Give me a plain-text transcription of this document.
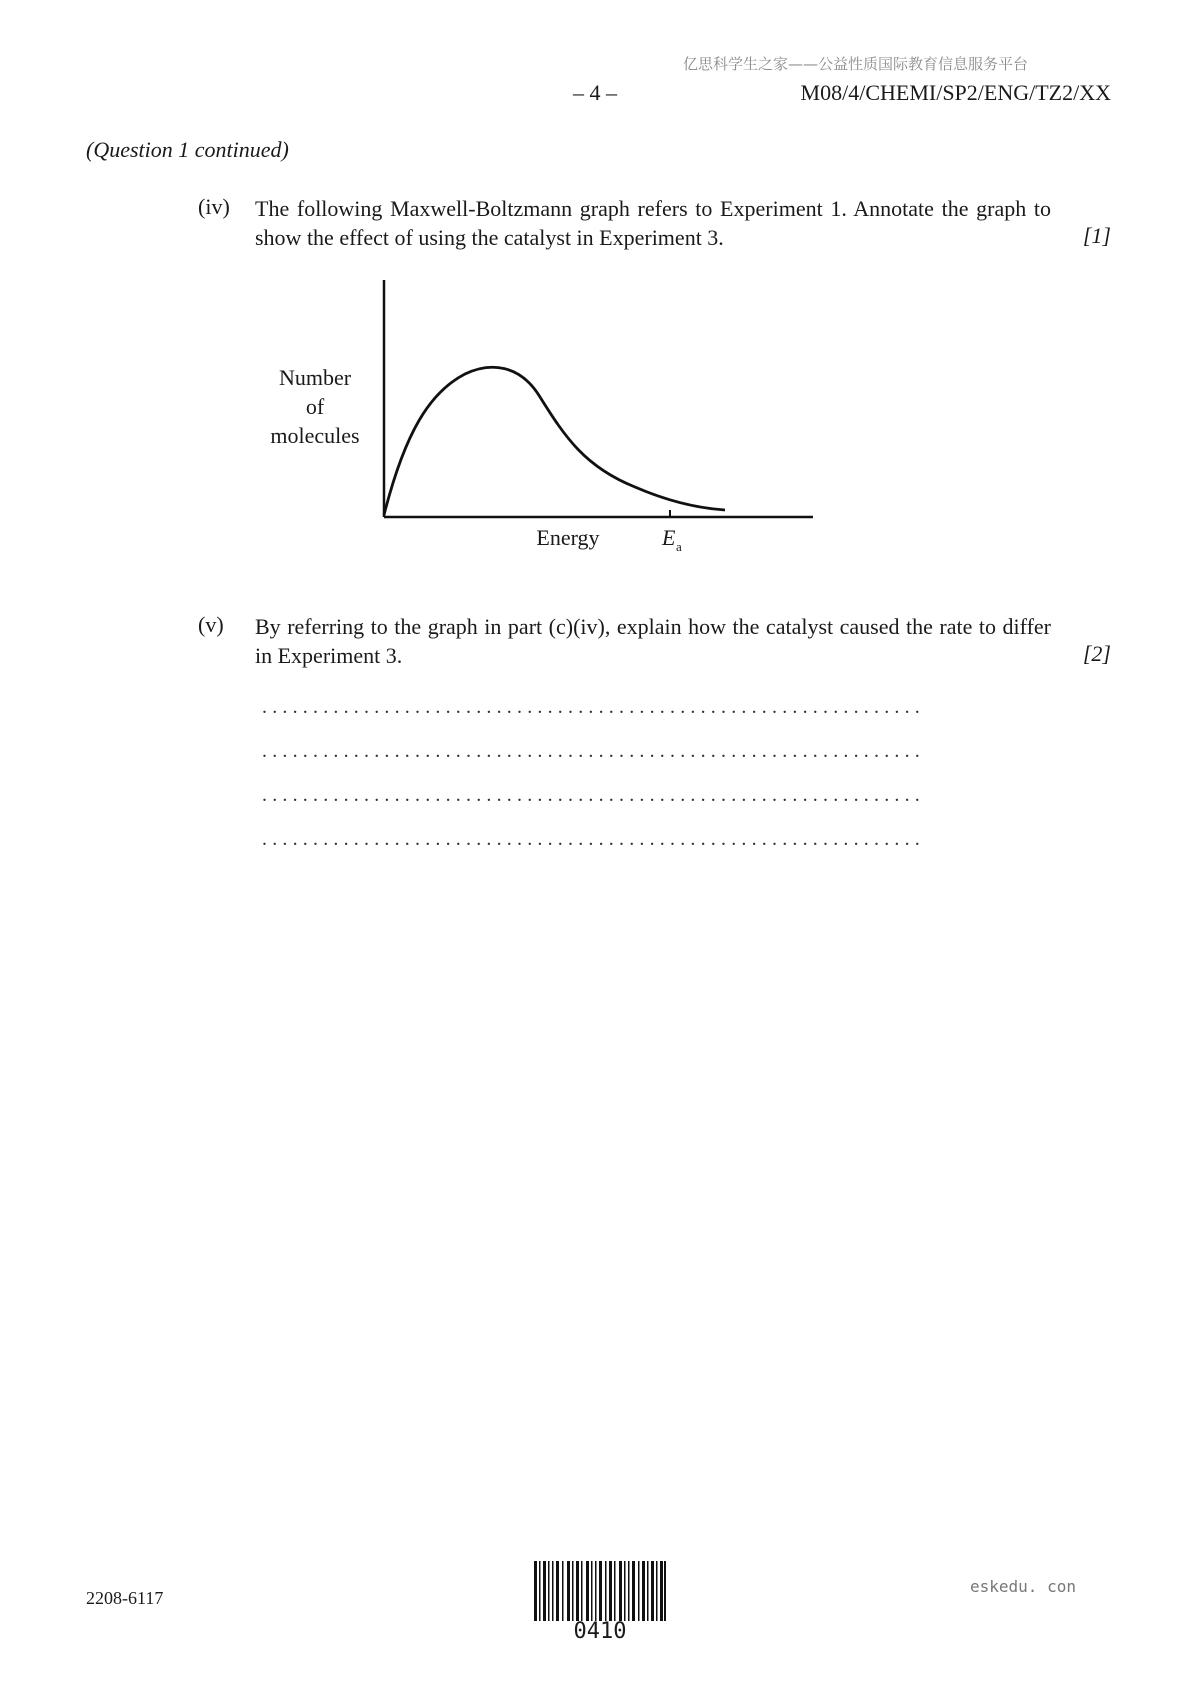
亿思科学生之家——公益性质国际教育信息服务平台
– 4 –	M08/4/CHEMI/SP2/ENG/TZ2/XX
(Question 1 continued)
(iv) The following Maxwell-Boltzmann graph refers to Experiment 1. Annotate the graph to show the effect of using the catalyst in Experiment 3.	[1]
Number
of
molecules
Energy	E a
(v) By referring to the graph in part (c)(iv), explain how the catalyst caused the rate to differ in Experiment 3.	[2]
.................................................................
.................................................................
.................................................................
.................................................................
2208-6117
0410
eskedu. con
